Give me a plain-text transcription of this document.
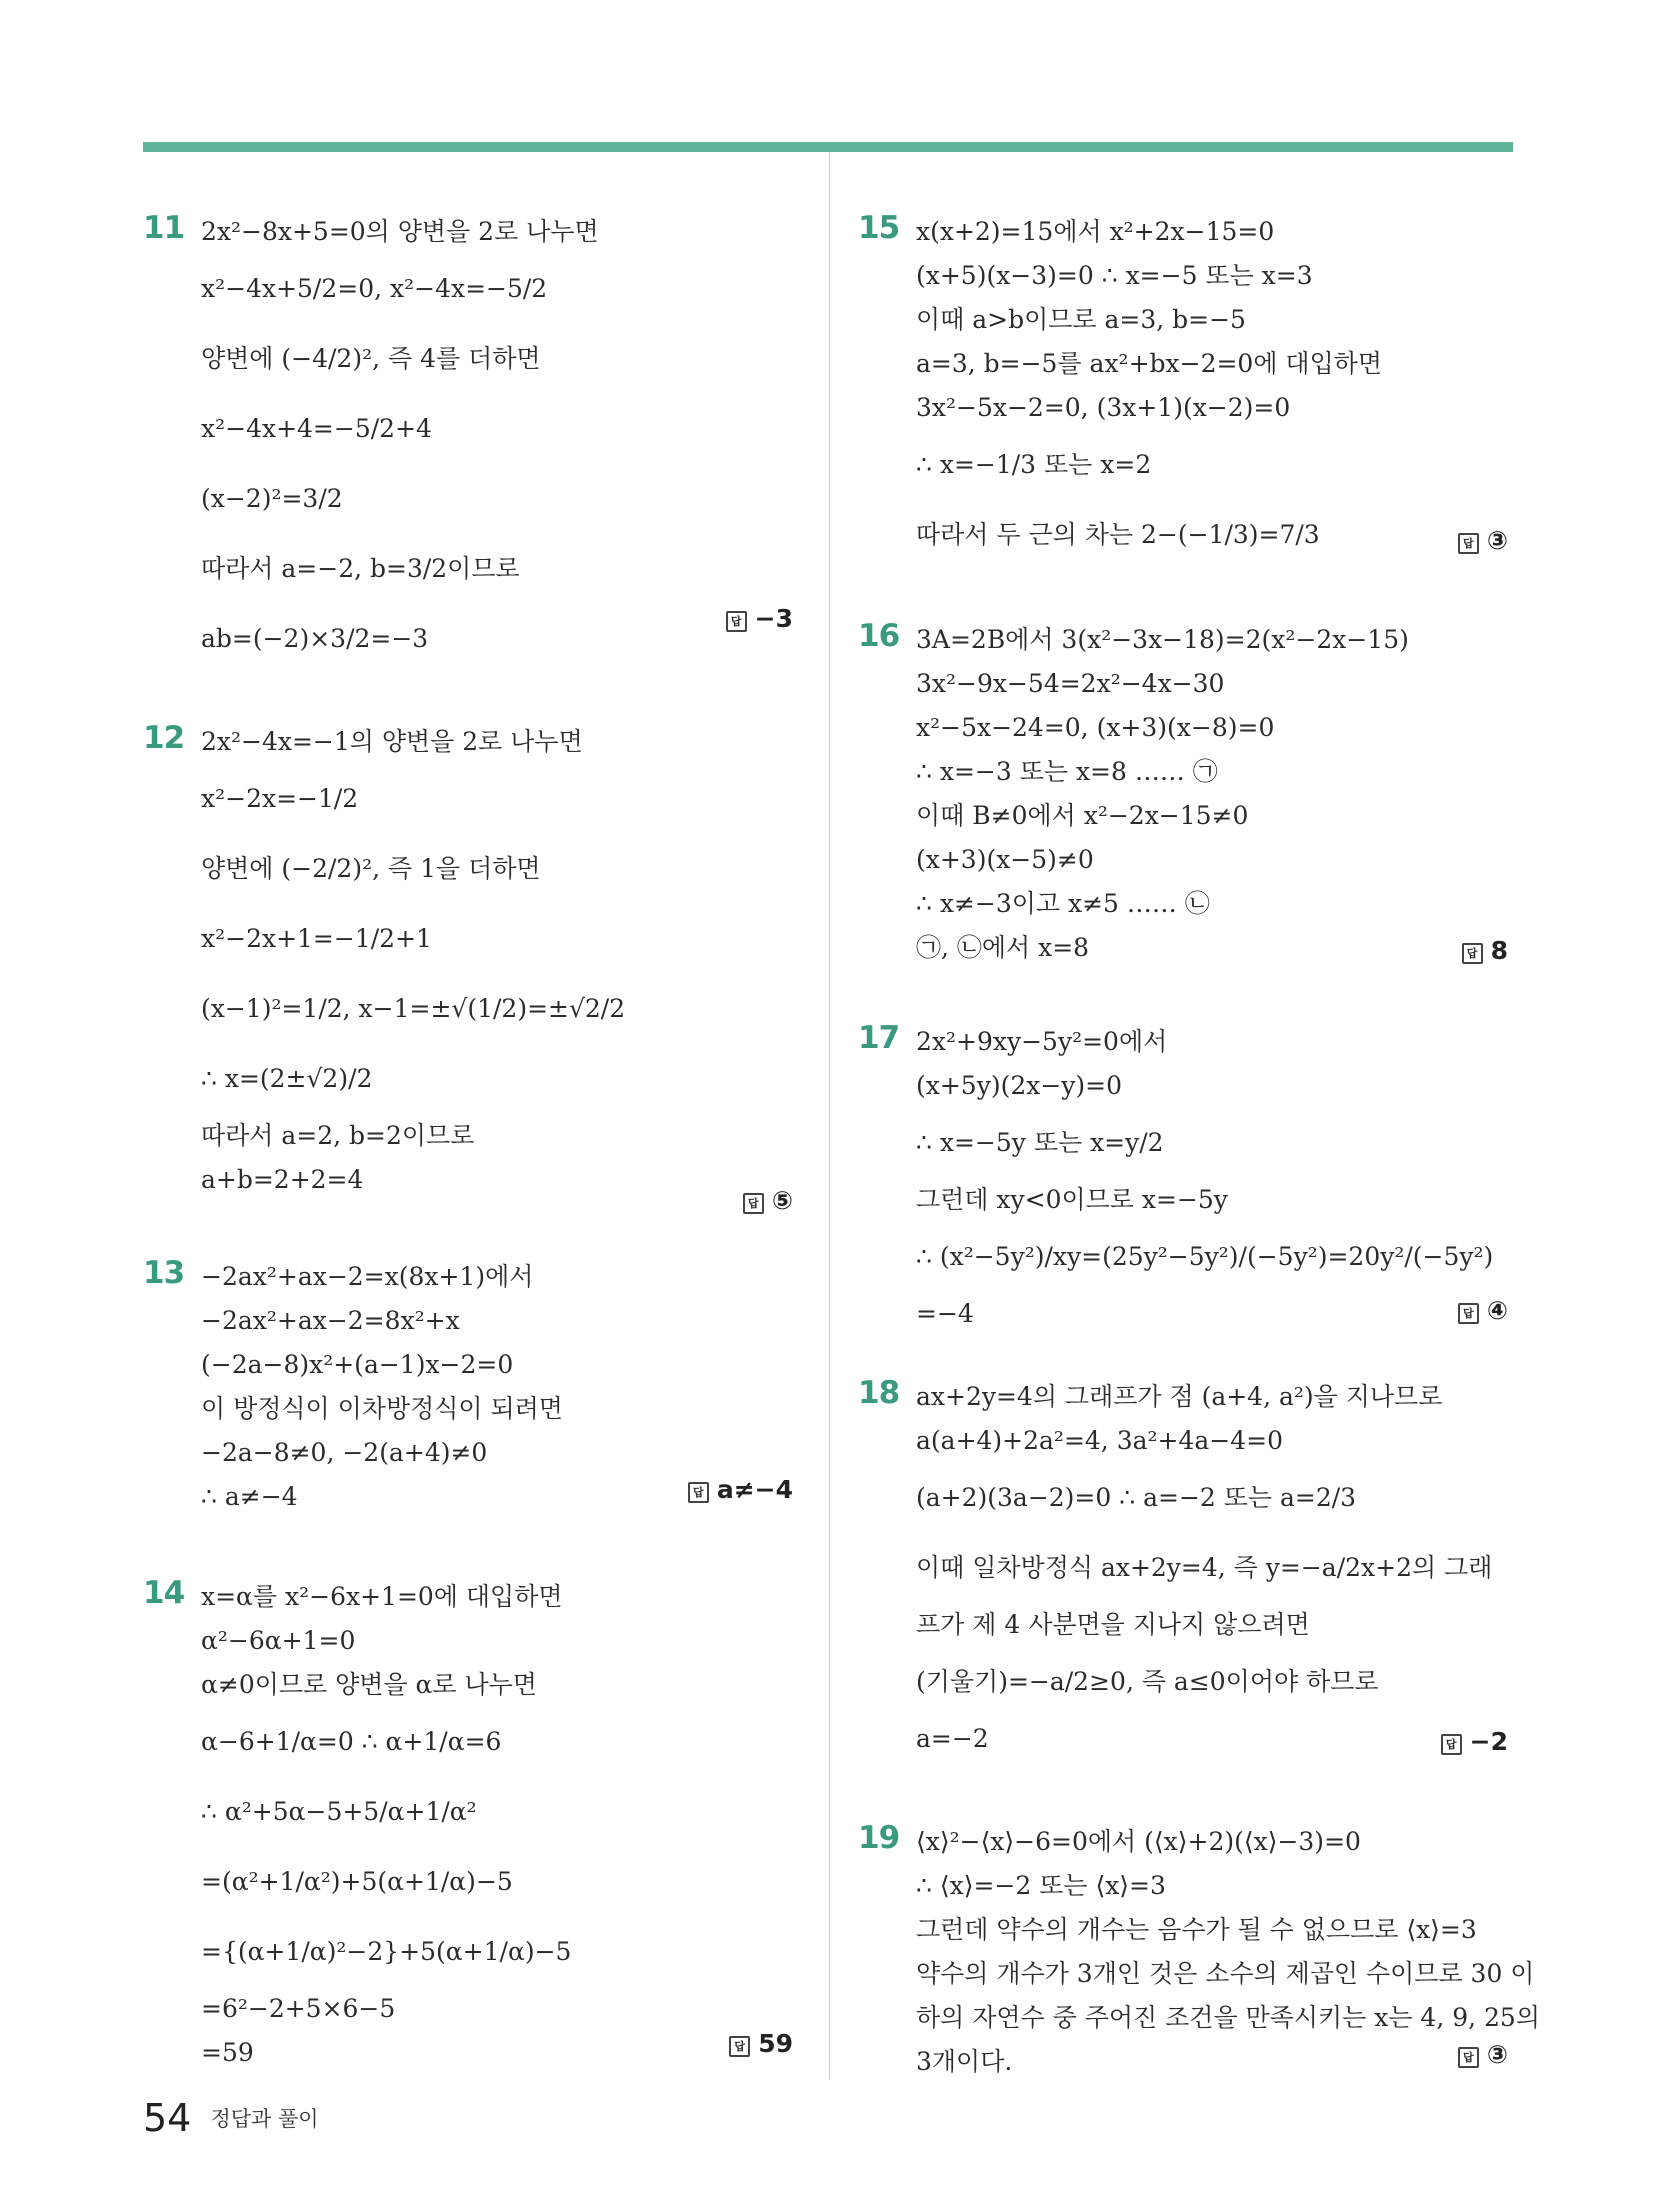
11 2x²−8x+5=0의 양변을 2로 나누면
x²−4x+5/2=0, x²−4x=−5/2
양변에 (−4/2)², 즉 4를 더하면
x²−4x+4=−5/2+4
(x−2)²=3/2
따라서 a=−2, b=3/2이므로
ab=(−2)×3/2=−3
답 −3
12 2x²−4x=−1의 양변을 2로 나누면
x²−2x=−1/2
양변에 (−2/2)², 즉 1을 더하면
x²−2x+1=−1/2+1
(x−1)²=1/2, x−1=±√(1/2)=±√2/2
∴ x=(2±√2)/2
따라서 a=2, b=2이므로
a+b=2+2=4
답 ⑤
13 −2ax²+ax−2=x(8x+1)에서
−2ax²+ax−2=8x²+x
(−2a−8)x²+(a−1)x−2=0
이 방정식이 이차방정식이 되려면
−2a−8≠0, −2(a+4)≠0
∴ a≠−4	답 a≠−4
14 x=α를 x²−6x+1=0에 대입하면
α²−6α+1=0
α≠0이므로 양변을 α로 나누면
α−6+1/α=0 ∴ α+1/α=6
∴ α²+5α−5+5/α+1/α²
=(α²+1/α²)+5(α+1/α)−5
={(α+1/α)²−2}+5(α+1/α)−5
=6²−2+5×6−5
=59	답 59
15 x(x+2)=15에서 x²+2x−15=0
(x+5)(x−3)=0 ∴ x=−5 또는 x=3
이때 a>b이므로 a=3, b=−5
a=3, b=−5를 ax²+bx−2=0에 대입하면
3x²−5x−2=0, (3x+1)(x−2)=0
∴ x=−1/3 또는 x=2
따라서 두 근의 차는 2−(−1/3)=7/3	답 ③
16 3A=2B에서 3(x²−3x−18)=2(x²−2x−15)
3x²−9x−54=2x²−4x−30
x²−5x−24=0, (x+3)(x−8)=0
∴ x=−3 또는 x=8 …… ㉠
이때 B≠0에서 x²−2x−15≠0
(x+3)(x−5)≠0
∴ x≠−3이고 x≠5 …… ㉡
㉠, ㉡에서 x=8	답 8
17 2x²+9xy−5y²=0에서
(x+5y)(2x−y)=0
∴ x=−5y 또는 x=y/2
그런데 xy<0이므로 x=−5y
∴ (x²−5y²)/xy=(25y²−5y²)/(−5y²)=20y²/(−5y²)
=−4	답 ④
18 ax+2y=4의 그래프가 점 (a+4, a²)을 지나므로
a(a+4)+2a²=4, 3a²+4a−4=0
(a+2)(3a−2)=0 ∴ a=−2 또는 a=2/3
이때 일차방정식 ax+2y=4, 즉 y=−a/2x+2의 그래
프가 제 4 사분면을 지나지 않으려면
(기울기)=−a/2≥0, 즉 a≤0이어야 하므로
a=−2	답 −2
19 ⟨x⟩²−⟨x⟩−6=0에서 (⟨x⟩+2)(⟨x⟩−3)=0
∴ ⟨x⟩=−2 또는 ⟨x⟩=3
그런데 약수의 개수는 음수가 될 수 없으므로 ⟨x⟩=3
약수의 개수가 3개인 것은 소수의 제곱인 수이므로 30 이
하의 자연수 중 주어진 조건을 만족시키는 x는 4, 9, 25의
3개이다.	답 ③
54 정답과 풀이
